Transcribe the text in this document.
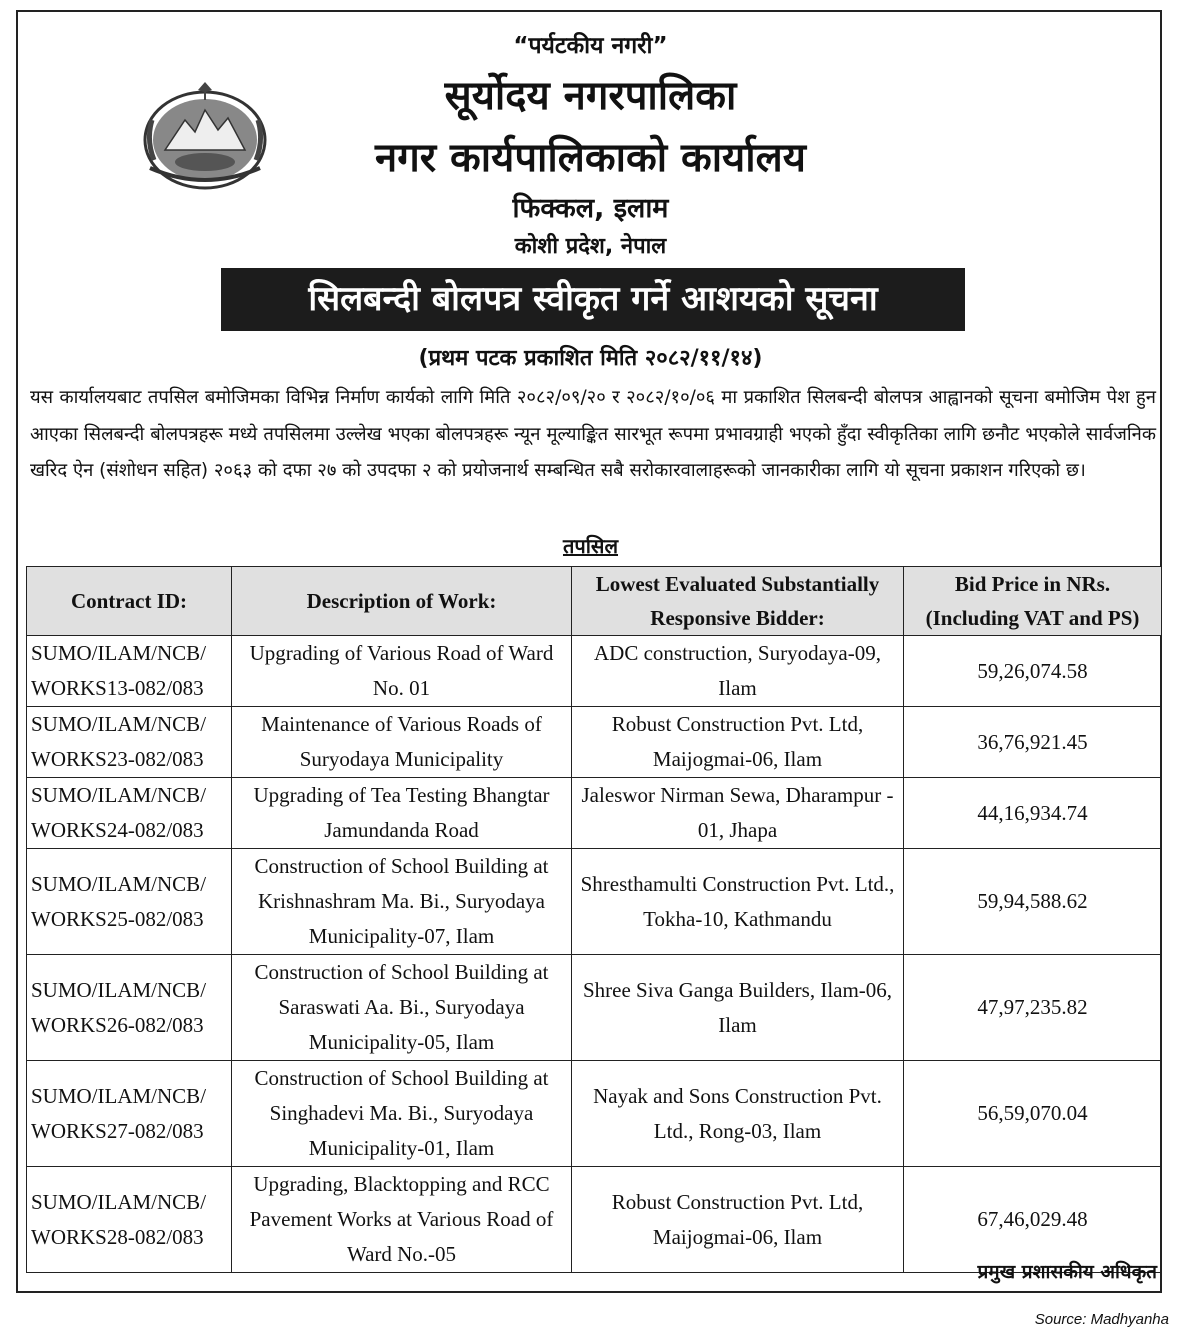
“पर्यटकीय नगरी”
सूर्योदय नगरपालिका
नगर कार्यपालिकाको कार्यालय
फिक्कल, इलाम
कोशी प्रदेश, नेपाल
सिलबन्दी बोलपत्र स्वीकृत गर्ने आशयको सूचना
(प्रथम पटक प्रकाशित मिति २०८२/११/१४)
यस कार्यालयबाट तपसिल बमोजिमका विभिन्न निर्माण कार्यको लागि मिति २०८२/०९/२० र २०८२/१०/०६ मा प्रकाशित सिलबन्दी बोलपत्र आह्वानको सूचना बमोजिम पेश हुन आएका सिलबन्दी बोलपत्रहरू मध्ये तपसिलमा उल्लेख भएका बोलपत्रहरू न्यून मूल्याङ्कित सारभूत रूपमा प्रभावग्राही भएको हुँदा स्वीकृतिका लागि छनौट भएकोले सार्वजनिक खरिद ऐन (संशोधन सहित) २०६३ को दफा २७ को उपदफा २ को प्रयोजनार्थ सम्बन्धित सबै सरोकारवालाहरूको जानकारीका लागि यो सूचना प्रकाशन गरिएको छ।
तपसिल
Contract ID:	Description of Work:	Lowest Evaluated Substantially Responsive Bidder:	Bid Price in NRs. (Including VAT and PS)
SUMO/ILAM/NCB/ WORKS13-082/083	Upgrading of Various Road of Ward No. 01	ADC construction, Suryodaya-09, Ilam	59,26,074.58
SUMO/ILAM/NCB/ WORKS23-082/083	Maintenance of Various Roads of Suryodaya Municipality	Robust Construction Pvt. Ltd, Maijogmai-06, Ilam	36,76,921.45
SUMO/ILAM/NCB/ WORKS24-082/083	Upgrading of Tea Testing Bhangtar Jamundanda Road	Jaleswor Nirman Sewa, Dharampur - 01, Jhapa	44,16,934.74
SUMO/ILAM/NCB/ WORKS25-082/083	Construction of School Building at Krishnashram Ma. Bi., Suryodaya Municipality-07, Ilam	Shresthamulti Construction Pvt. Ltd., Tokha-10, Kathmandu	59,94,588.62
SUMO/ILAM/NCB/ WORKS26-082/083	Construction of School Building at Saraswati Aa. Bi., Suryodaya Municipality-05, Ilam	Shree Siva Ganga Builders, Ilam-06, Ilam	47,97,235.82
SUMO/ILAM/NCB/ WORKS27-082/083	Construction of School Building at Singhadevi Ma. Bi., Suryodaya Municipality-01, Ilam	Nayak and Sons Construction Pvt. Ltd., Rong-03, Ilam	56,59,070.04
SUMO/ILAM/NCB/ WORKS28-082/083	Upgrading, Blacktopping and RCC Pavement Works at Various Road of Ward No.-05	Robust Construction Pvt. Ltd, Maijogmai-06, Ilam	67,46,029.48
प्रमुख प्रशासकीय अधिकृत
Source: Madhyanha
